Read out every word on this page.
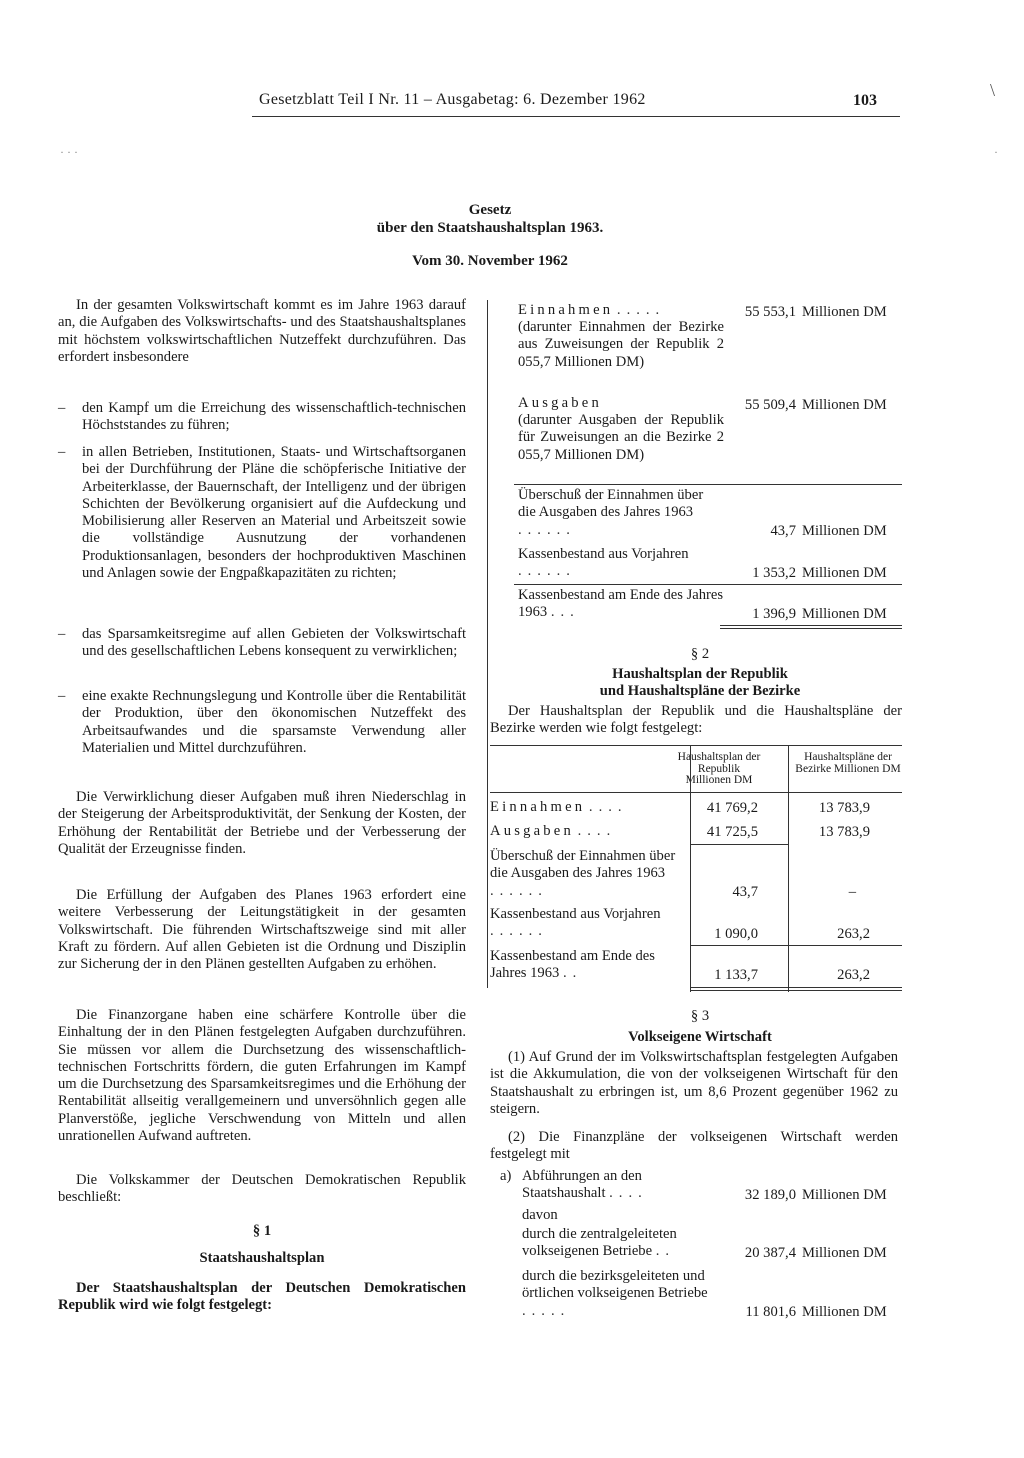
Gesetzblatt Teil I Nr. 11 – Ausgabetag: 6. Dezember 1962	103
· · ·
\
·
Gesetz
über den Staatshaushaltsplan 1963.
Vom 30. November 1962
In der gesamten Volkswirtschaft kommt es im Jahre 1963 darauf an, die Aufgaben des Volkswirtschafts- und des Staatshaushaltsplanes mit höchstem volkswirtschaftlichen Nutzeffekt durchzuführen. Das erfordert insbesondere
– den Kampf um die Erreichung des wissenschaftlich-technischen Höchststandes zu führen;
– in allen Betrieben, Institutionen, Staats- und Wirtschaftsorganen bei der Durchführung der Pläne die schöpferische Initiative der Arbeiterklasse, der Bauernschaft, der Intelligenz und der übrigen Schichten der Bevölkerung organisiert auf die Aufdeckung und Mobilisierung aller Reserven an Material und Arbeitszeit sowie die vollständige Ausnutzung der vorhandenen Produktionsanlagen, besonders der hochproduktiven Maschinen und Anlagen sowie der Engpaßkapazitäten zu richten;
– das Sparsamkeitsregime auf allen Gebieten der Volkswirtschaft und des gesellschaftlichen Lebens konsequent zu verwirklichen;
– eine exakte Rechnungslegung und Kontrolle über die Rentabilität der Produktion, über den ökonomischen Nutzeffekt des Arbeitsaufwandes und die sparsamste Verwendung aller Materialien und Mittel durchzuführen.
Die Verwirklichung dieser Aufgaben muß ihren Niederschlag in der Steigerung der Arbeitsproduktivität, der Senkung der Kosten, der Erhöhung der Rentabilität der Betriebe und der Verbesserung der Qualität der Erzeugnisse finden.
Die Erfüllung der Aufgaben des Planes 1963 erfordert eine weitere Verbesserung der Leitungstätigkeit in der gesamten Volkswirtschaft. Die führenden Wirtschaftszweige sind mit aller Kraft zu fördern. Auf allen Gebieten ist die Ordnung und Disziplin zur Sicherung der in den Plänen gestellten Aufgaben zu erhöhen.
Die Finanzorgane haben eine schärfere Kontrolle über die Einhaltung der in den Plänen festgelegten Aufgaben durchzuführen. Sie müssen vor allem die Durchsetzung des wissenschaftlich-technischen Fortschritts fördern, die guten Erfahrungen im Kampf um die Durchsetzung des Sparsamkeitsregimes und die Erhöhung der Rentabilität allseitig verallgemeinern und unversöhnlich gegen alle Planverstöße, jegliche Verschwendung von Mitteln und allen unrationellen Aufwand auftreten.
Die Volkskammer der Deutschen Demokratischen Republik beschließt:
§ 1
Staatshaushaltsplan
Der Staatshaushaltsplan der Deutschen Demokratischen Republik wird wie folgt festgelegt:
Einnahmen .....
(darunter Einnahmen der Bezirke aus Zuweisungen der Republik 2 055,7 Millionen DM)
55 553,1 Millionen DM
Ausgaben
(darunter Ausgaben der Republik für Zuweisungen an die Bezirke 2 055,7 Millionen DM)
55 509,4 Millionen DM
Überschuß der Einnahmen über die Ausgaben des Jahres 1963 ......	43,7 Millionen DM
Kassenbestand aus Vorjahren ......	1 353,2 Millionen DM
Kassenbestand am Ende des Jahres 1963 ...	1 396,9 Millionen DM
§ 2
Haushaltsplan der Republik
und Haushaltspläne der Bezirke
Der Haushaltsplan der Republik und die Haushaltspläne der Bezirke werden wie folgt festgelegt:
Haushaltsplan der Republik Millionen DM
Haushaltspläne der Bezirke Millionen DM
Einnahmen ....	41 769,2	13 783,9
Ausgaben ....	41 725,5	13 783,9
Überschuß der Einnahmen über die Ausgaben des Jahres 1963 ......	43,7	–
Kassenbestand aus Vorjahren ......	1 090,0	263,2
Kassenbestand am Ende des Jahres 1963 ..	1 133,7	263,2
§ 3
Volkseigene Wirtschaft
(1) Auf Grund der im Volkswirtschaftsplan festgelegten Aufgaben ist die Akkumulation, die von der volkseigenen Wirtschaft für den Staatshaushalt zu erbringen ist, um 8,6 Prozent gegenüber 1962 zu steigern.
(2) Die Finanzpläne der volkseigenen Wirtschaft werden festgelegt mit
a) Abführungen an den Staatshaushalt ....	32 189,0 Millionen DM
davon
durch die zentralgeleiteten volkseigenen Betriebe ..	20 387,4 Millionen DM
durch die bezirksgeleiteten und örtlichen volkseigenen Betriebe .....	11 801,6 Millionen DM
